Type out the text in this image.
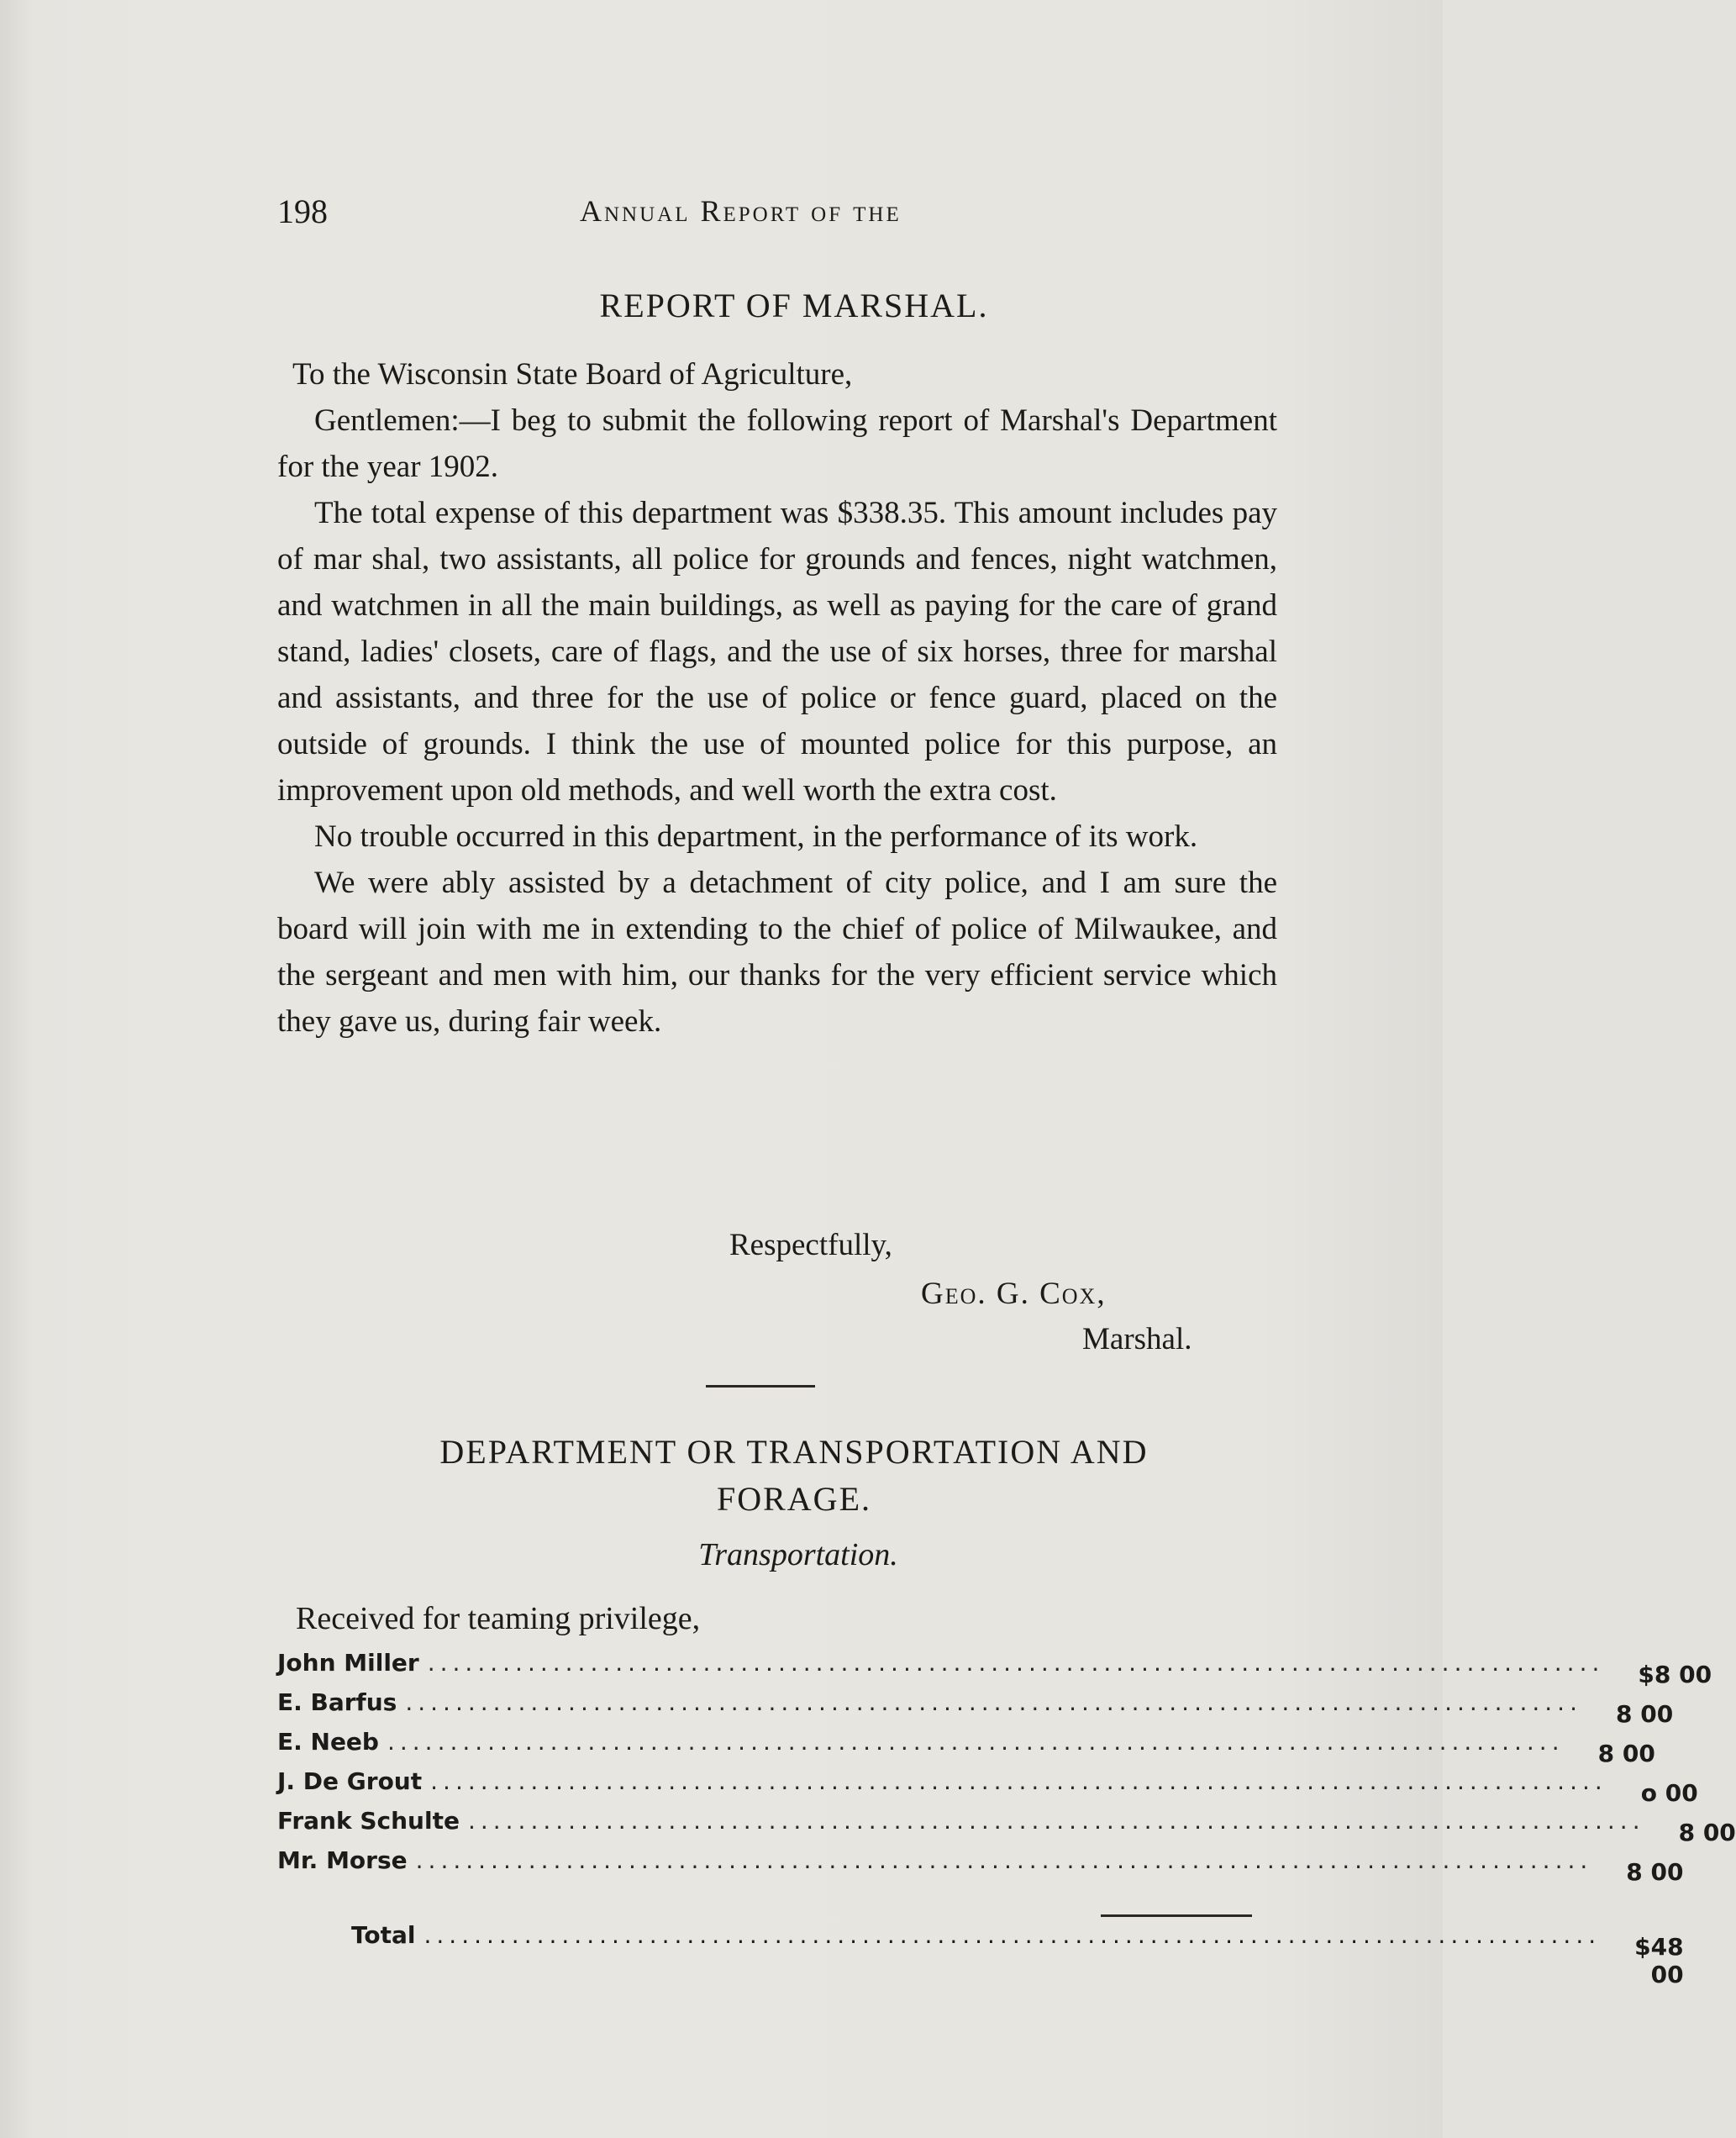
198	Annual Report of the
REPORT OF MARSHAL.

To the Wisconsin State Board of Agriculture,

Gentlemen:—I beg to submit the following report of Marshal's Department for the year 1902.

The total expense of this department was $338.35. This amount includes pay of mar shal, two assistants, all police for grounds and fences, night watchmen, and watchmen in all the main buildings, as well as paying for the care of grand stand, ladies' closets, care of flags, and the use of six horses, three for marshal and assistants, and three for the use of police or fence guard, placed on the outside of grounds. I think the use of mounted police for this purpose, an improvement upon old methods, and well worth the extra cost.

No trouble occurred in this department, in the performance of its work.

We were ably assisted by a detachment of city police, and I am sure the board will join with me in extending to the chief of police of Milwaukee, and the sergeant and men with him, our thanks for the very efficient service which they gave us, during fair week.

Respectfully,
Geo. G. Cox,
Marshal.
DEPARTMENT OR TRANSPORTATION AND
FORAGE.
Transportation.
Received for teaming privilege,
John Miller .............................................................................................. $8 00
E. Barfus .............................................................................................. 8 00
E. Neeb .............................................................................................. 8 00
J. De Grout .............................................................................................. o 00
Frank Schulte .............................................................................................. 8 00
Mr. Morse .............................................................................................. 8 00
Total .............................................................................................. $48 00
